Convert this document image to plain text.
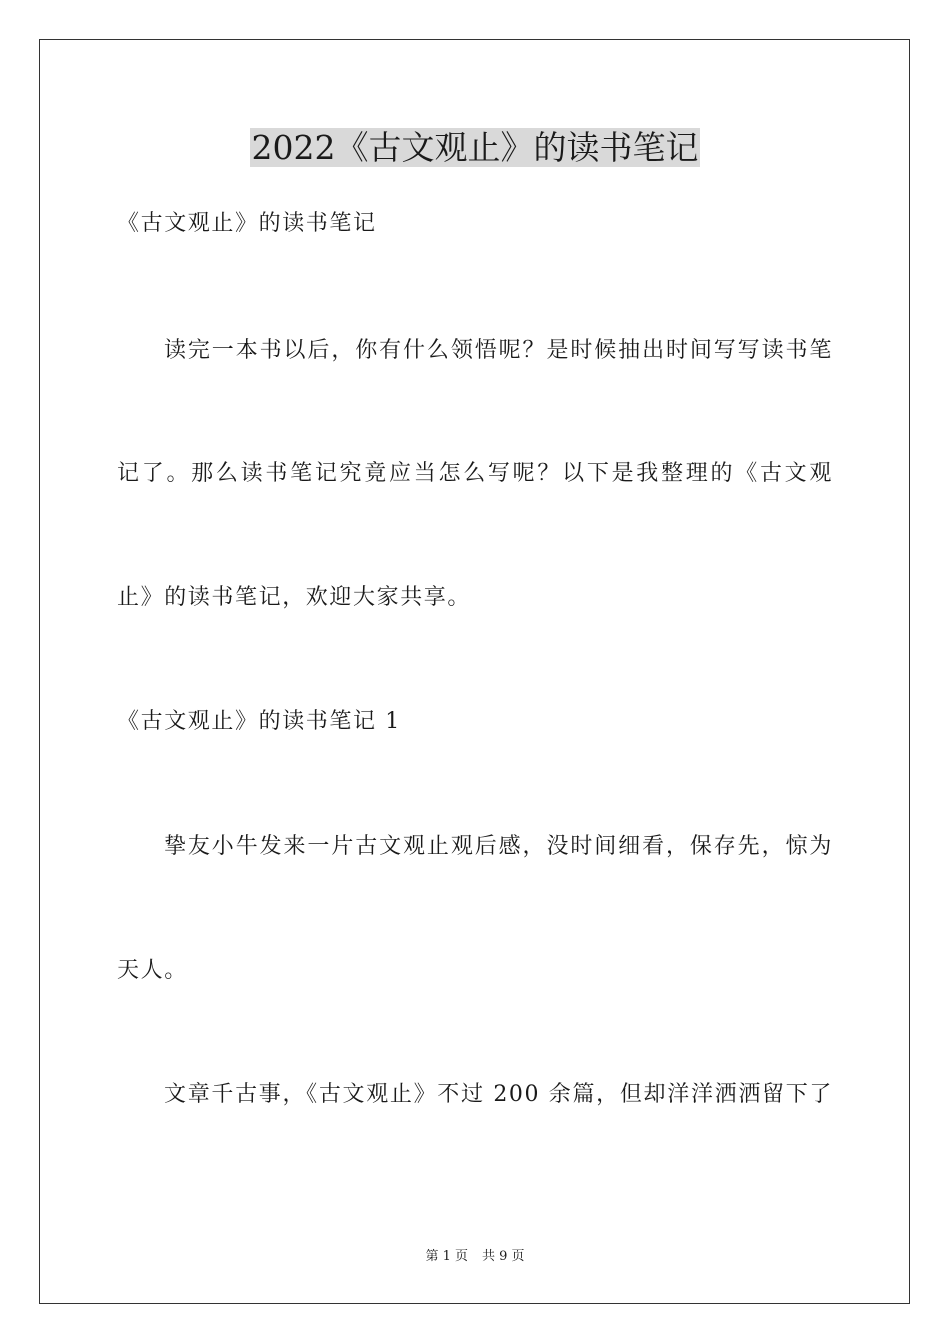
2022《古文观止》的读书笔记
《古文观止》的读书笔记
读完一本书以后，你有什么领悟呢？是时候抽出时间写写读书笔
记了。那么读书笔记究竟应当怎么写呢？以下是我整理的《古文观
止》的读书笔记，欢迎大家共享。
《古文观止》的读书笔记 1
挚友小牛发来一片古文观止观后感，没时间细看，保存先，惊为
天人。
文章千古事，《古文观止》不过 200 余篇，但却洋洋洒洒留下了
第 1 页 共 9 页
